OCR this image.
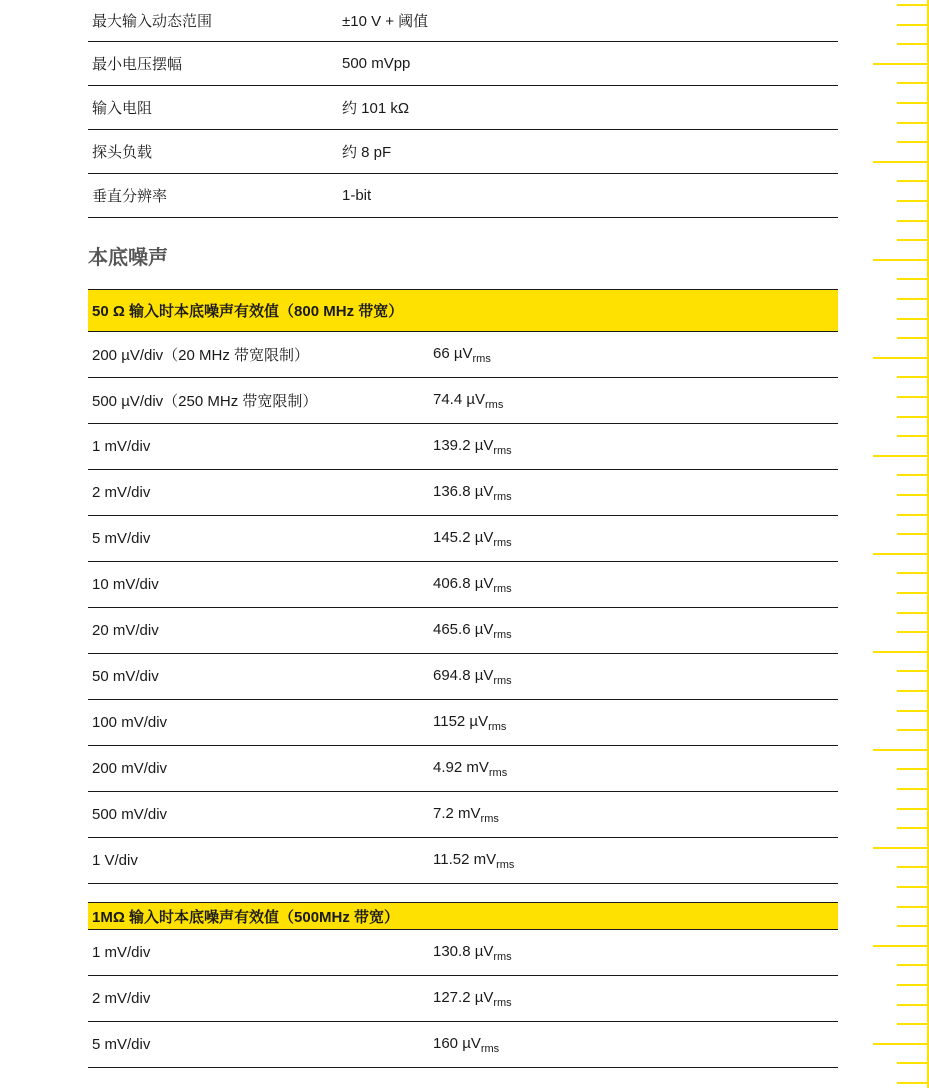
最大输入动态范围	±10 V + 阈值
最小电压摆幅	500 mVpp
输入电阻	约 101 kΩ
探头负载	约 8 pF
垂直分辨率	1-bit
本底噪声
50 Ω 输入时本底噪声有效值（800 MHz 带宽）
200 µV/div（20 MHz 带宽限制）	66 µV$_{rms}$
500 µV/div（250 MHz 带宽限制）	74.4 µV$_{rms}$
1 mV/div	139.2 µV$_{rms}$
2 mV/div	136.8 µV$_{rms}$
5 mV/div	145.2 µV$_{rms}$
10 mV/div	406.8 µV$_{rms}$
20 mV/div	465.6 µV$_{rms}$
50 mV/div	694.8 µV$_{rms}$
100 mV/div	1152 µV$_{rms}$
200 mV/div	4.92 $mV_{rms}$
500 mV/div	7.2 $mV_{rms}$
1 V/div	11.52 $mV_{rms}$
1MΩ 输入时本底噪声有效值（500MHz 带宽）
1 mV/div	130.8 µV$_{rms}$
2 mV/div	127.2 µV$_{rms}$
5 mV/div	160 µV$_{rms}$
